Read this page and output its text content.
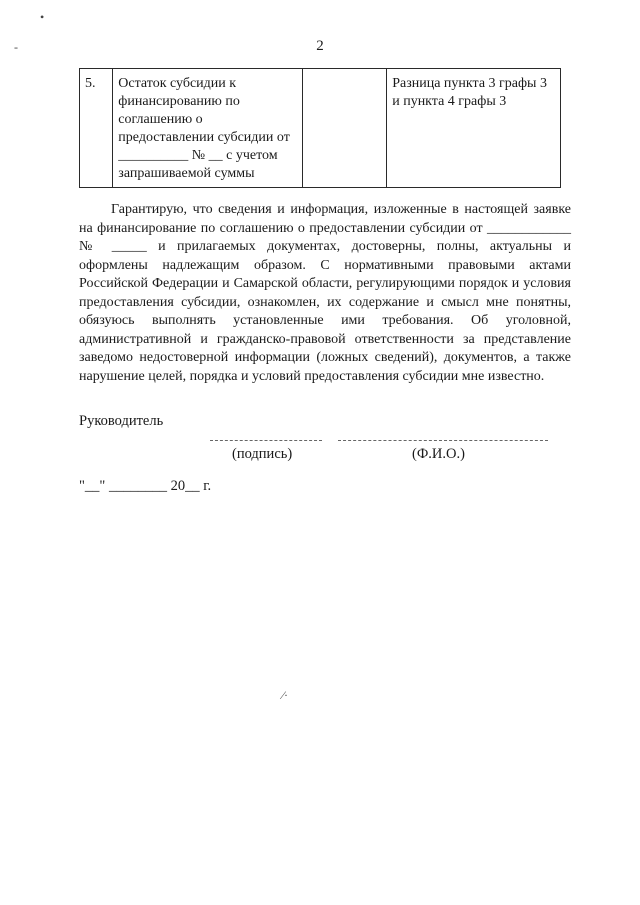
2
5.	Остаток субсидии к финансированию по соглашению о предоставлении субсидии от __________ № __ с учетом запрашиваемой суммы		Разница пункта 3 графы 3 и пункта 4 графы 3

Гарантирую, что сведения и информация, изложенные в настоящей заявке на финансирование по соглашению о предоставлении субсидии от ____________ № _____ и прилагаемых документах, достоверны, полны, актуальны и оформлены надлежащим образом. С нормативными правовыми актами Российской Федерации и Самарской области, регулирующими порядок и условия предоставления субсидии, ознакомлен, их содержание и смысл мне понятны, обязуюсь выполнять установленные ими требования. Об уголовной, административной и гражданско-правовой ответственности за представление заведомо недостоверной информации (ложных сведений), документов, а также нарушение целей, порядка и условий предоставления субсидии мне известно.

Руководитель
(подпись)	(Ф.И.О.)
"__" ________ 20__ г.
•
-
⁄·
